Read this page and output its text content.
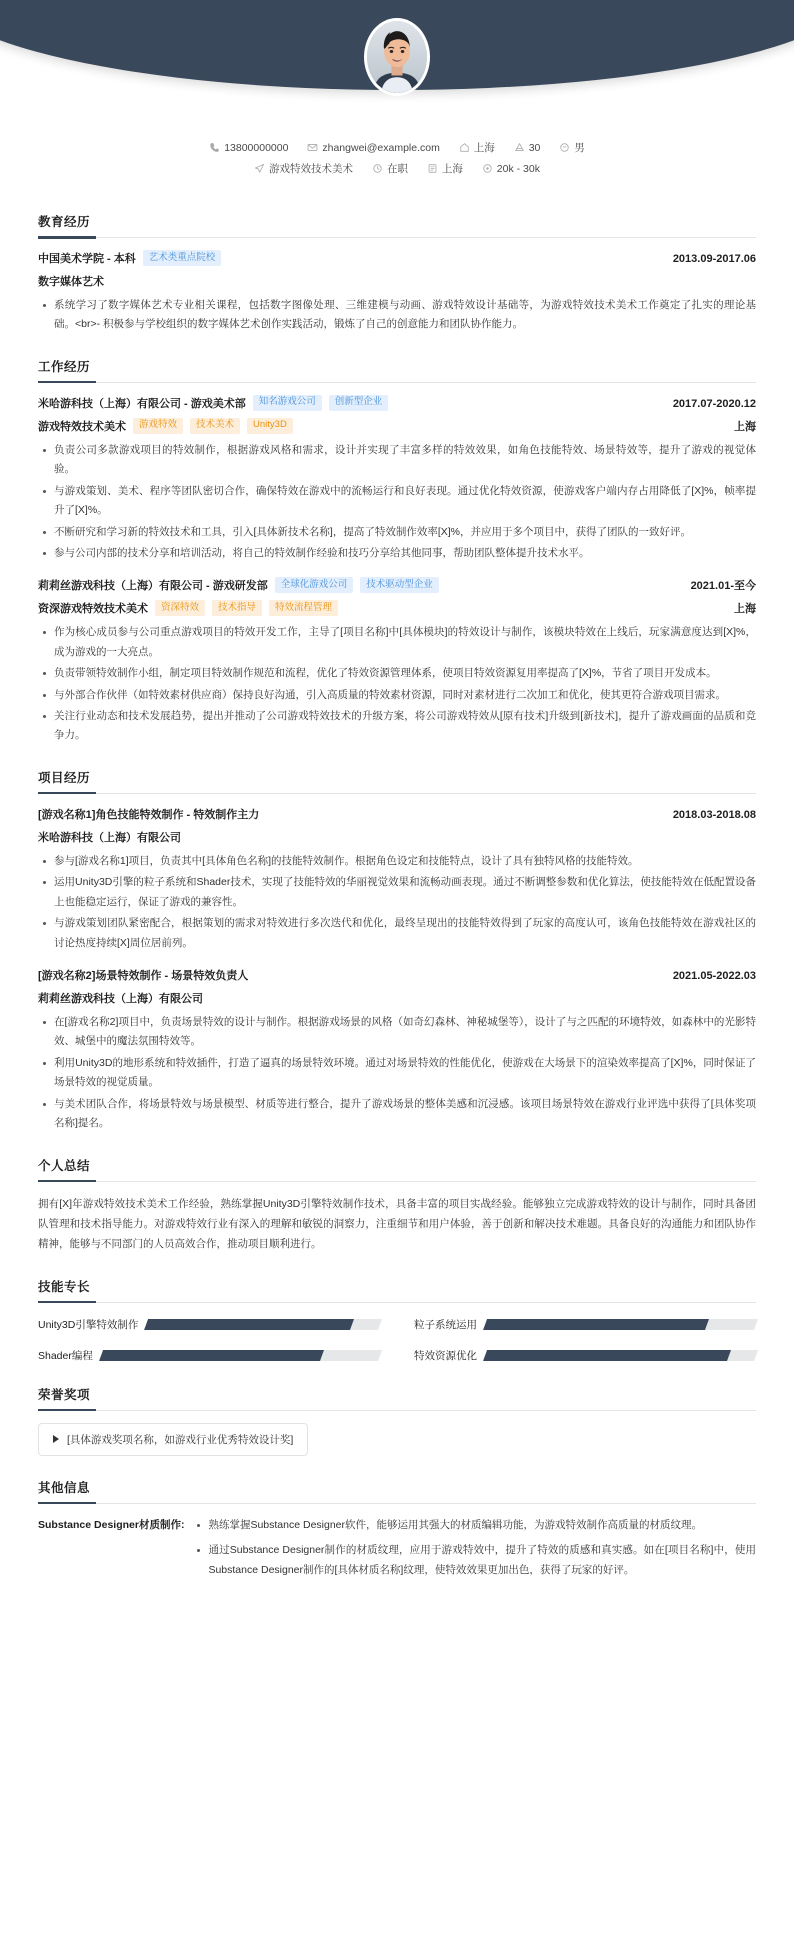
简小全
13800000000
	zhangwei@example.com
	上海
	30
	男
游戏特效技术美术
	在职
	上海
	20k - 30k
教育经历
中国美术学院 - 本科	艺术类重点院校	2013.09-2017.06
数字媒体艺术
系统学习了数字媒体艺术专业相关课程，包括数字图像处理、三维建模与动画、游戏特效设计基础等，为游戏特效技术美术工作奠定了扎实的理论基础。<br>- 积极参与学校组织的数字媒体艺术创作实践活动，锻炼了自己的创意能力和团队协作能力。
工作经历
米哈游科技（上海）有限公司 - 游戏美术部	知名游戏公司	创新型企业	2017.07-2020.12
游戏特效技术美术	游戏特效	技术美术	Unity3D	上海
负责公司多款游戏项目的特效制作，根据游戏风格和需求，设计并实现了丰富多样的特效效果，如角色技能特效、场景特效等，提升了游戏的视觉体验。
与游戏策划、美术、程序等团队密切合作，确保特效在游戏中的流畅运行和良好表现。通过优化特效资源，使游戏客户端内存占用降低了[X]%，帧率提升了[X]%。
不断研究和学习新的特效技术和工具，引入[具体新技术名称]，提高了特效制作效率[X]%，并应用于多个项目中，获得了团队的一致好评。
参与公司内部的技术分享和培训活动，将自己的特效制作经验和技巧分享给其他同事，帮助团队整体提升技术水平。
莉莉丝游戏科技（上海）有限公司 - 游戏研发部	全球化游戏公司	技术驱动型企业	2021.01-至今
资深游戏特效技术美术	资深特效	技术指导	特效流程管理	上海
作为核心成员参与公司重点游戏项目的特效开发工作，主导了[项目名称]中[具体模块]的特效设计与制作，该模块特效在上线后，玩家满意度达到[X]%，成为游戏的一大亮点。
负责带领特效制作小组，制定项目特效制作规范和流程，优化了特效资源管理体系，使项目特效资源复用率提高了[X]%，节省了项目开发成本。
与外部合作伙伴（如特效素材供应商）保持良好沟通，引入高质量的特效素材资源，同时对素材进行二次加工和优化，使其更符合游戏项目需求。
关注行业动态和技术发展趋势，提出并推动了公司游戏特效技术的升级方案，将公司游戏特效从[原有技术]升级到[新技术]，提升了游戏画面的品质和竞争力。
项目经历
[游戏名称1]角色技能特效制作 - 特效制作主力	2018.03-2018.08
米哈游科技（上海）有限公司
参与[游戏名称1]项目，负责其中[具体角色名称]的技能特效制作。根据角色设定和技能特点，设计了具有独特风格的技能特效。
运用Unity3D引擎的粒子系统和Shader技术，实现了技能特效的华丽视觉效果和流畅动画表现。通过不断调整参数和优化算法，使技能特效在低配置设备上也能稳定运行，保证了游戏的兼容性。
与游戏策划团队紧密配合，根据策划的需求对特效进行多次迭代和优化，最终呈现出的技能特效得到了玩家的高度认可，该角色技能特效在游戏社区的讨论热度持续[X]周位居前列。
[游戏名称2]场景特效制作 - 场景特效负责人	2021.05-2022.03
莉莉丝游戏科技（上海）有限公司
在[游戏名称2]项目中，负责场景特效的设计与制作。根据游戏场景的风格（如奇幻森林、神秘城堡等），设计了与之匹配的环境特效，如森林中的光影特效、城堡中的魔法氛围特效等。
利用Unity3D的地形系统和特效插件，打造了逼真的场景特效环境。通过对场景特效的性能优化，使游戏在大场景下的渲染效率提高了[X]%，同时保证了场景特效的视觉质量。
与美术团队合作，将场景特效与场景模型、材质等进行整合，提升了游戏场景的整体美感和沉浸感。该项目场景特效在游戏行业评选中获得了[具体奖项名称]提名。
个人总结
拥有[X]年游戏特效技术美术工作经验，熟练掌握Unity3D引擎特效制作技术，具备丰富的项目实战经验。能够独立完成游戏特效的设计与制作，同时具备团队管理和技术指导能力。对游戏特效行业有深入的理解和敏锐的洞察力，注重细节和用户体验，善于创新和解决技术难题。具备良好的沟通能力和团队协作精神，能够与不同部门的人员高效合作，推动项目顺利进行。
技能专长
Unity3D引擎特效制作	粒子系统运用
Shader编程	特效资源优化
荣誉奖项
[具体游戏奖项名称，如游戏行业优秀特效设计奖]
其他信息
Substance Designer材质制作:	熟练掌握Substance Designer软件，能够运用其强大的材质编辑功能，为游戏特效制作高质量的材质纹理。
通过Substance Designer制作的材质纹理，应用于游戏特效中，提升了特效的质感和真实感。如在[项目名称]中，使用Substance Designer制作的[具体材质名称]纹理，使特效效果更加出色，获得了玩家的好评。
